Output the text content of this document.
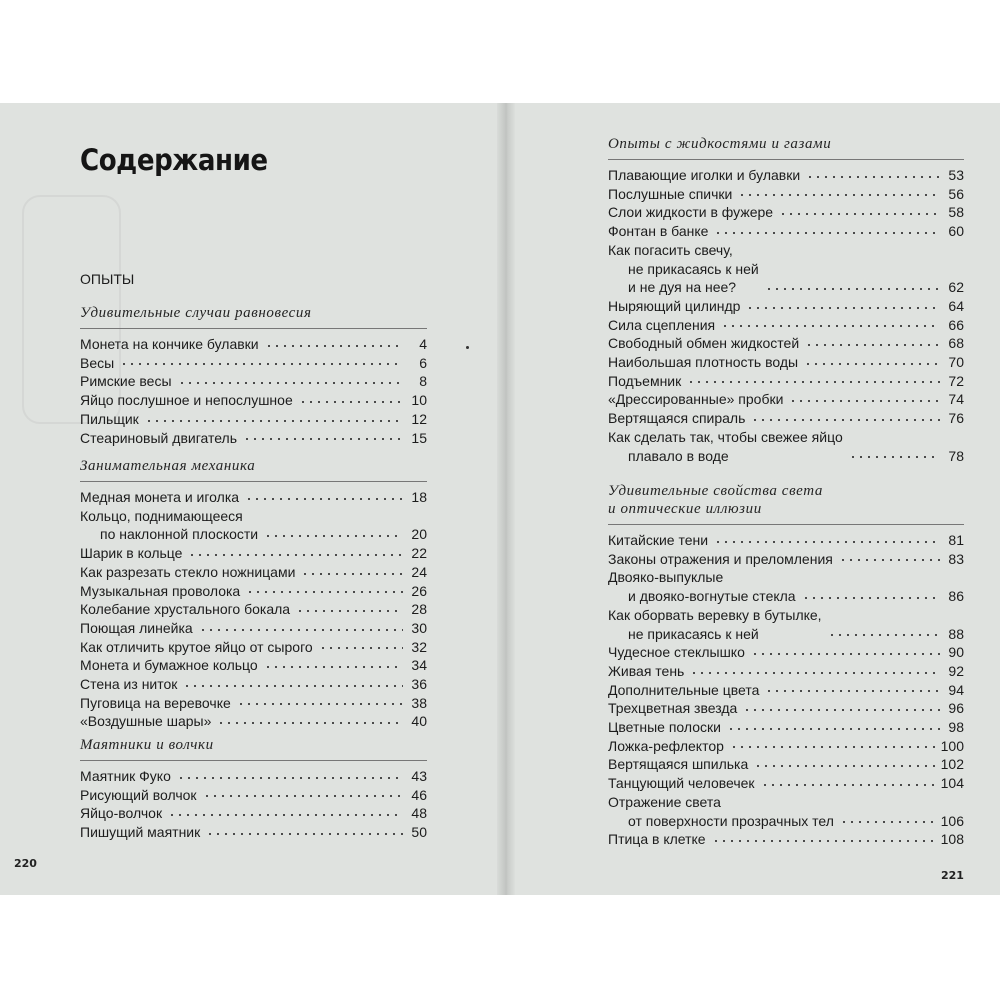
Содержание
ОПЫТЫ
Удивительные случаи равновесия
Монета на кончике булавки	4
Весы	6
Римские весы	8
Яйцо послушное и непослушное	10
Пильщик	12
Стеариновый двигатель	15
Занимательная механика
Медная монета и иголка	18
Кольцо, поднимающееся
по наклонной плоскости	20
Шарик в кольце	22
Как разрезать стекло ножницами	24
Музыкальная проволока	26
Колебание хрустального бокала	28
Поющая линейка	30
Как отличить крутое яйцо от сырого	32
Монета и бумажное кольцо	34
Стена из ниток	36
Пуговица на веревочке	38
«Воздушные шары»	40
Маятники и волчки
Маятник Фуко	43
Рисующий волчок	46
Яйцо-волчок	48
Пишущий маятник	50
Опыты с жидкостями и газами
Плавающие иголки и булавки	53
Послушные спички	56
Слои жидкости в фужере	58
Фонтан в банке	60
Как погасить свечу,
не прикасаясь к ней
и не дуя на нее?	62
Ныряющий цилиндр	64
Сила сцепления	66
Свободный обмен жидкостей	68
Наибольшая плотность воды	70
Подъемник	72
«Дрессированные» пробки	74
Вертящаяся спираль	76
Как сделать так, чтобы свежее яйцо
плавало в воде	78
Удивительные свойства света
и оптические иллюзии
Китайские тени	81
Законы отражения и преломления	83
Двояко-выпуклые
и двояко-вогнутые стекла	86
Как оборвать веревку в бутылке,
не прикасаясь к ней	88
Чудесное стеклышко	90
Живая тень	92
Дополнительные цвета	94
Трехцветная звезда	96
Цветные полоски	98
Ложка-рефлектор	100
Вертящаяся шпилька	102
Танцующий человечек	104
Отражение света
от поверхности прозрачных тел	106
Птица в клетке	108
220
221
